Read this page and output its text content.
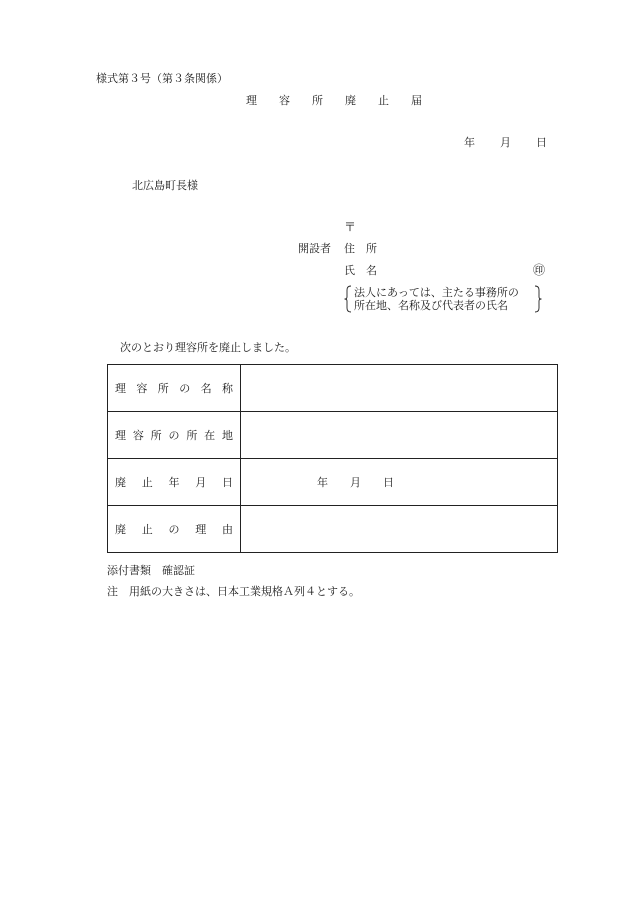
様式第３号（第３条関係）
理　　容　　所　　廃　　止　　届
年 月 日
北広島町長様
〒
開設者 住　所
氏　名	㊞
法人にあっては、主たる事務所の
所在地、名称及び代表者の氏名
次のとおり理容所を廃止しました。
理容所の名称	
理容所の所在地	
廃止年月日	年　　月　　日
廃止の理由	
添付書類　確認証
注　用紙の大きさは、日本工業規格Ａ列４とする。
